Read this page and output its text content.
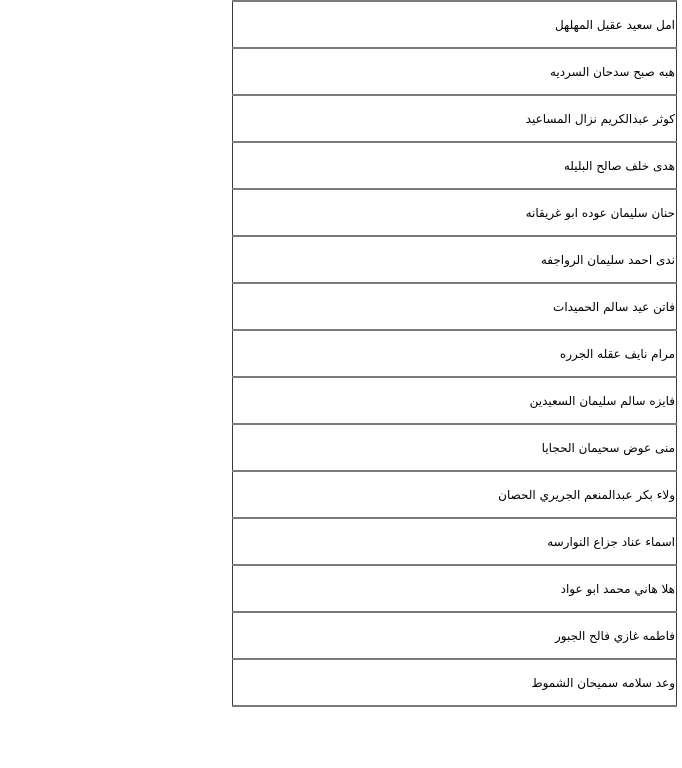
امل سعيد عقيل المهلهل
هبه صبح سدحان السرديه
كوثر عبدالكريم نزال المساعيد
هدى خلف صالح البليله
حنان سليمان عوده ابو غريقانه
ندى احمد سليمان الرواجفه
فاتن عيد سالم الحميدات
مرام نايف عقله الجرره
فايزه سالم سليمان السعيدين
منى عوض سحيمان الحجايا
ولاء بكر عبدالمنعم الجريري الحصان
اسماء عناد جزاع النوارسه
هلا هاني محمد ابو عواد
فاطمه غازي فالح الجبور
وعد سلامه سميحان الشموط
